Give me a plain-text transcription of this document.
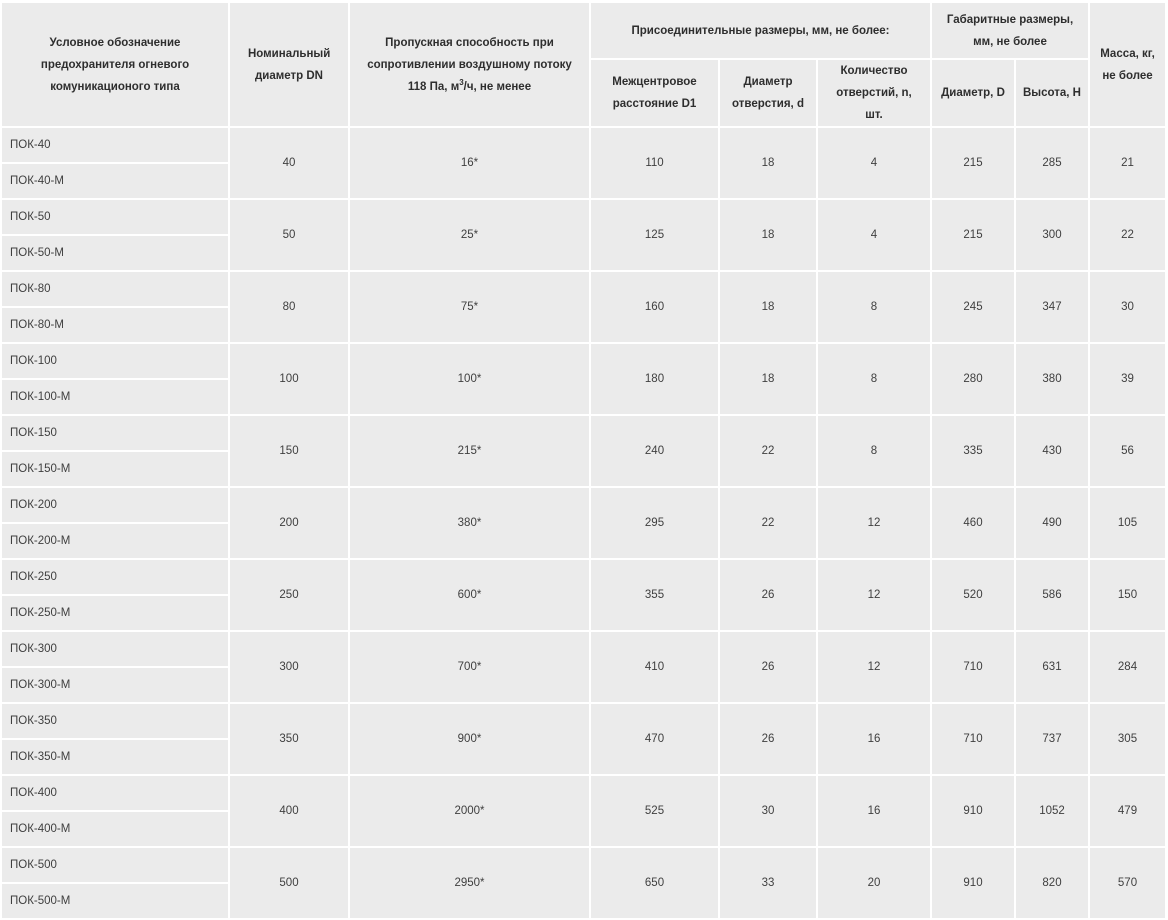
Условное обозначение предохранителя огневого комуникационого типа	Номинальный диаметр DN	Пропускная способность при сопротивлении воздушному потоку 118 Па, $м^3/ч$, не менее	Присоединительные размеры, мм, не более:			Габаритные размеры, мм, не более		Масса, кг, не более
			Межцентровое расстояние D1	Диаметр отверстия, d	Количество отверстий, n, шт.	Диаметр, D	Высота, H	
ПОК-40	40	16*	110	18	4	215	285	21
ПОК-40-М								
ПОК-50	50	25*	125	18	4	215	300	22
ПОК-50-М								
ПОК-80	80	75*	160	18	8	245	347	30
ПОК-80-М								
ПОК-100	100	100*	180	18	8	280	380	39
ПОК-100-М								
ПОК-150	150	215*	240	22	8	335	430	56
ПОК-150-М								
ПОК-200	200	380*	295	22	12	460	490	105
ПОК-200-М								
ПОК-250	250	600*	355	26	12	520	586	150
ПОК-250-М								
ПОК-300	300	700*	410	26	12	710	631	284
ПОК-300-М								
ПОК-350	350	900*	470	26	16	710	737	305
ПОК-350-М								
ПОК-400	400	2000*	525	30	16	910	1052	479
ПОК-400-М								
ПОК-500	500	2950*	650	33	20	910	820	570
ПОК-500-М								
